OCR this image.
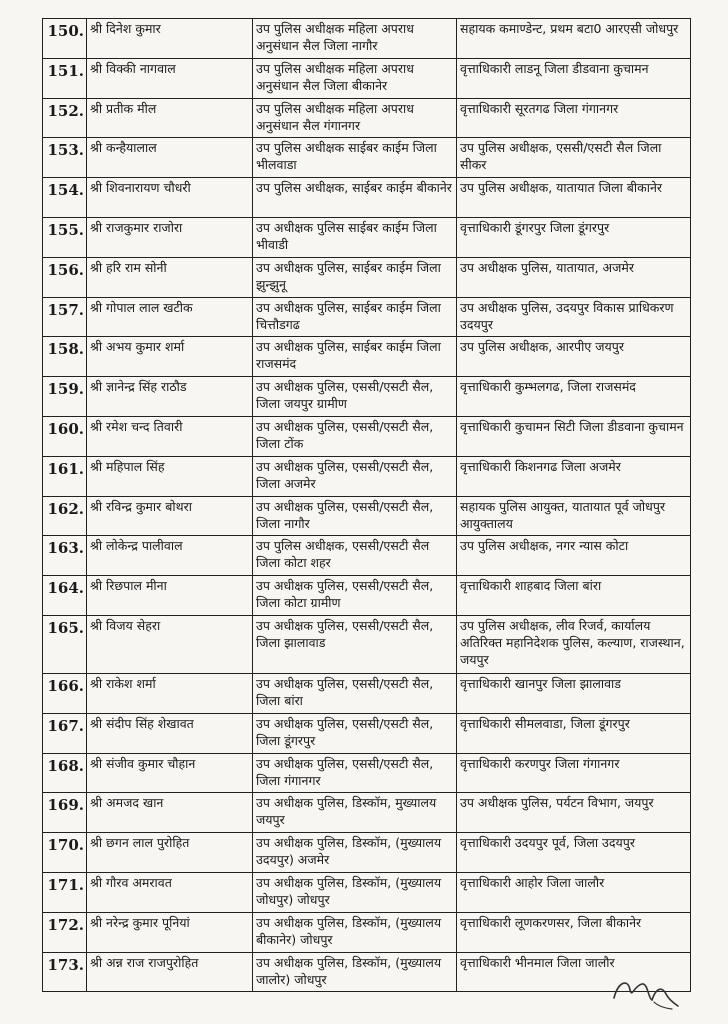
150.	श्री दिनेश कुमार	उप पुलिस अधीक्षक महिला अपराध अनुसंधान सैल जिला नागौर	सहायक कमाण्डेन्ट, प्रथम बटा0 आरएसी जोधपुर
151.	श्री विक्की नागवाल	उप पुलिस अधीक्षक महिला अपराध अनुसंधान सैल जिला बीकानेर	वृत्ताधिकारी लाडनू जिला डीडवाना कुचामन
152.	श्री प्रतीक मील	उप पुलिस अधीक्षक महिला अपराध अनुसंधान सैल गंगानगर	वृत्ताधिकारी सूरतगढ जिला गंगानगर
153.	श्री कन्हैयालाल	उप पुलिस अधीक्षक साईबर काईम जिला भीलवाडा	उप पुलिस अधीक्षक, एससी/एसटी सैल जिला सीकर
154.	श्री शिवनारायण चौधरी	उप पुलिस अधीक्षक, साईबर काईम बीकानेर	उप पुलिस अधीक्षक, यातायात जिला बीकानेर
155.	श्री राजकुमार राजोरा	उप अधीक्षक पुलिस साईबर काईम जिला भीवाडी	वृत्ताधिकारी डूंगरपुर जिला डूंगरपुर
156.	श्री हरि राम सोनी	उप अधीक्षक पुलिस, साईबर काईम जिला झुन्झुनू	उप अधीक्षक पुलिस, यातायात, अजमेर
157.	श्री गोपाल लाल खटीक	उप अधीक्षक पुलिस, साईबर काईम जिला चित्तौडगढ	उप अधीक्षक पुलिस, उदयपुर विकास प्राधिकरण उदयपुर
158.	श्री अभय कुमार शर्मा	उप अधीक्षक पुलिस, साईबर काईम जिला राजसमंद	उप पुलिस अधीक्षक, आरपीए जयपुर
159.	श्री ज्ञानेन्द्र सिंह राठौड	उप अधीक्षक पुलिस, एससी/एसटी सैल, जिला जयपुर ग्रामीण	वृत्ताधिकारी कुम्भलगढ, जिला राजसमंद
160.	श्री रमेश चन्द तिवारी	उप अधीक्षक पुलिस, एससी/एसटी सैल, जिला टोंक	वृत्ताधिकारी कुचामन सिटी जिला डीडवाना कुचामन
161.	श्री महिपाल सिंह	उप अधीक्षक पुलिस, एससी/एसटी सैल, जिला अजमेर	वृत्ताधिकारी किशनगढ जिला अजमेर
162.	श्री रविन्द्र कुमार बोथरा	उप अधीक्षक पुलिस, एससी/एसटी सैल, जिला नागौर	सहायक पुलिस आयुक्त, यातायात पूर्व जोधपुर आयुक्तालय
163.	श्री लोकेन्द्र पालीवाल	उप पुलिस अधीक्षक, एससी/एसटी सैल जिला कोटा शहर	उप पुलिस अधीक्षक, नगर न्यास कोटा
164.	श्री रिछपाल मीना	उप अधीक्षक पुलिस, एससी/एसटी सैल, जिला कोटा ग्रामीण	वृत्ताधिकारी शाहबाद जिला बांरा
165.	श्री विजय सेहरा	उप अधीक्षक पुलिस, एससी/एसटी सैल, जिला झालावाड	उप पुलिस अधीक्षक, लीव रिजर्व, कार्यालय अतिरिक्त महानिदेशक पुलिस, कल्याण, राजस्थान, जयपुर
166.	श्री राकेश शर्मा	उप अधीक्षक पुलिस, एससी/एसटी सैल, जिला बांरा	वृत्ताधिकारी खानपुर जिला झालावाड
167.	श्री संदीप सिंह शेखावत	उप अधीक्षक पुलिस, एससी/एसटी सैल, जिला डूंगरपुर	वृत्ताधिकारी सीमलवाडा, जिला डूंगरपुर
168.	श्री संजीव कुमार चौहान	उप अधीक्षक पुलिस, एससी/एसटी सैल, जिला गंगानगर	वृत्ताधिकारी करणपुर जिला गंगानगर
169.	श्री अमजद खान	उप अधीक्षक पुलिस, डिस्कॉम, मुख्यालय जयपुर	उप अधीक्षक पुलिस, पर्यटन विभाग, जयपुर
170.	श्री छगन लाल पुरोहित	उप अधीक्षक पुलिस, डिस्कॉम, (मुख्यालय उदयपुर) अजमेर	वृत्ताधिकारी उदयपुर पूर्व, जिला उदयपुर
171.	श्री गौरव अमरावत	उप अधीक्षक पुलिस, डिस्कॉम, (मुख्यालय जोधपुर) जोधपुर	वृत्ताधिकारी आहोर जिला जालौर
172.	श्री नरेन्द्र कुमार पूनियां	उप अधीक्षक पुलिस, डिस्कॉम, (मुख्यालय बीकानेर) जोधपुर	वृत्ताधिकारी लूणकरणसर, जिला बीकानेर
173.	श्री अन्न राज राजपुरोहित	उप अधीक्षक पुलिस, डिस्कॉम, (मुख्यालय जालोर) जोधपुर	वृत्ताधिकारी भीनमाल जिला जालौर
